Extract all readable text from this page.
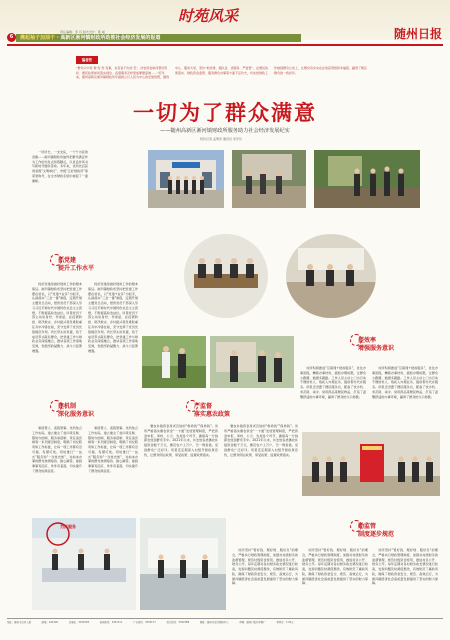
时苑风采
责任编辑：邹 丹 版式设计：陈 威	随州日报
6	携起袖子加油干 · 高新区淅河镇财政所助推社会经济发展的报道
编者按
“群众口中有‘难’有‘急’有事，也有说不出的‘苦’，涉农资金如何管好用好、惠民政策如何落实到位、各项服务怎样更加便捷高效……”近年来，随州高新区淅河镇财政所牢固树立以人民为中心的发展思想，围绕中心、服务大局，坚持“抓党建、强队伍、优服务、严监管”，在惠民政策落实、财政资金监管、服务群众办事等方面下足功夫，切实把财政工作做到群众心坎上，让群众有实实在在的获得感和幸福感，赢得了辖区群众的一致好评。
一切为了群众满意
——随州高新区淅河镇财政所服务助力社会经济发展纪实
特约记者 孟明奇 通讯员 李学玲

一所所长，一支支队，一个个为民的身影……淅河镇财政所始终把群众满意作为工作的出发点和落脚点，以优良作风书写新时代财政答卷。多年来，该所先后获得省级“文明单位”、市级“五好财政所”等荣誉称号，在全市财政系统中树起了一面旗帜。

抓党建
提升工作水平

抓好党建是做好财政工作的根本保证。淅河镇财政所坚持把党建工作摆在首位，以“党建+业务”为抓手，认真落实“三会一课”制度，定期开展主题党日活动，组织党员干部深入学习习近平新时代中国特色社会主义思想，不断提高政治站位。所里党员干部主动亮身份、作承诺，在疫情防控、防汛救灾、乡村振兴等急难险重任务中冲锋在前，充分发挥了党员先锋模范作用。所长带头讲党课，班子成员带头联系群众，把党建工作与财政业务深度融合，推动各项工作落地见效，党组织的凝聚力、战斗力显著增强。

抓好党建是做好财政工作的根本保证。淅河镇财政所坚持把党建工作摆在首位，以“党建+业务”为抓手，认真落实“三会一课”制度，定期开展主题党日活动，组织党员干部深入学习习近平新时代中国特色社会主义思想，不断提高政治站位。所里党员干部主动亮身份、作承诺，在疫情防控、防汛救灾、乡村振兴等急难险重任务中冲锋在前，充分发挥了党员先锋模范作用。所长带头讲党课，班子成员带头联系群众，把党建工作与财政业务深度融合，推动各项工作落地见效，党组织的凝聚力、战斗力显著增强。

提效率
增强服务意识

该所积极推进“互联网+财政服务”，优化办事流程，精简办事材料，缩短办理时限，让群众少跑腿、数据多跑路。工作人员主动上门为行动不便的老人、残疾人办理业务，提供帮办代办服务。所里还设置了便民服务台，配备了饮水机、老花镜、雨伞、常用药品等便民物品，打造了温馨舒适的办事环境，赢得了群众的交口称赞。

该所积极推进“互联网+财政服务”，优化办事流程，精简办事材料，缩短办理时限，让群众少跑腿、数据多跑路。工作人员主动上门为行动不便的老人、残疾人办理业务，提供帮办代办服务。所里还设置了便民服务台，配备了饮水机、老花镜、雨伞、常用药品等便民物品，打造了温馨舒适的办事环境，赢得了群众的交口称赞。

建机制
深化服务意识

制度管人、流程管事。该所结合工作实际，建立健全了首问责任制、限时办结制、服务承诺制、责任追究制等一系列规章制度，明确了岗位职责和工作标准，让每一项工作都有章可循、有据可依。同时推行“一站式”服务和“一次性告知”，对前来办事的群众热情接待、耐心解答，做到事事有回应、件件有着落，切实提升了群众的满意度。

制度管人、流程管事。该所结合工作实际，建立健全了首问责任制、限时办结制、服务承诺制、责任追究制等一系列规章制度，明确了岗位职责和工作标准，让每一项工作都有章可循、有据可依。同时推行“一站式”服务和“一次性告知”，对前来办事的群众热情接待、耐心解答，做到事事有回应、件件有着落，切实提升了群众的满意度。

严监督
落实惠农政策

惠农补贴资金是老百姓的“救命钱”“保命钱”。该所严格落实惠农资金“一卡通”发放管理制度，严把资金申报、审核、公示、发放各个环节，确保每一分钱都发放到群众手中。2021年以来，共发放各类惠农补贴资金数千万元，惠及农户上万户，无一例差错，受到群众广泛好评。所里还定期深入村组开展政策宣传，让群众明白政策、享受政策、监督政策落实。

惠农补贴资金是老百姓的“救命钱”“保命钱”。该所严格落实惠农资金“一卡通”发放管理制度，严把资金申报、审核、公示、发放各个环节，确保每一分钱都发放到群众手中。2021年以来，共发放各类惠农补贴资金数千万元，惠及农户上万户，无一例差错，受到群众广泛好评。所里还定期深入村组开展政策宣传，让群众明白政策、享受政策、监督政策落实。

为民服务	勤监管
制度逐步规范

该所坚持“管好钱、理好财、服好务”的理念，严格执行财政管理制度，加强对村级财务的监督管理，规范村级资金使用，推进村务公开、财务公开。每年定期对各村财务收支情况进行检查，发现问题及时督促整改，有效防范了廉政风险，确保了财政资金安全、规范、高效运行，为淅河镇经济社会高质量发展提供了坚实的财力保障。

该所坚持“管好钱、理好财、服好务”的理念，严格执行财政管理制度，加强对村级财务的监督管理，规范村级资金使用，推进村务公开、财务公开。每年定期对各村财务收支情况进行检查，发现问题及时督促整改，有效防范了廉政风险，确保了财政资金安全、规范、高效运行，为淅河镇经济社会高质量发展提供了坚实的财力保障。

该所坚持“管好钱、理好财、服好务”的理念，严格执行财政管理制度，加强对村级财务的监督管理，规范村级资金使用，推进村务公开、财务公开。每年定期对各村财务收支情况进行检查，发现问题及时督促整改，有效防范了廉政风险，确保了财政资金安全、规范、高效运行，为淅河镇经济社会高质量发展提供了坚实的财力保障。

地址：随州市沿河大道	邮编：441300	总编室：3331938	新闻热线：3337111	广告热线：3333177	发行热线：3332388	照排：随州日报社照排中心	印刷：随州日报社印刷厂	零售价：1.00元
